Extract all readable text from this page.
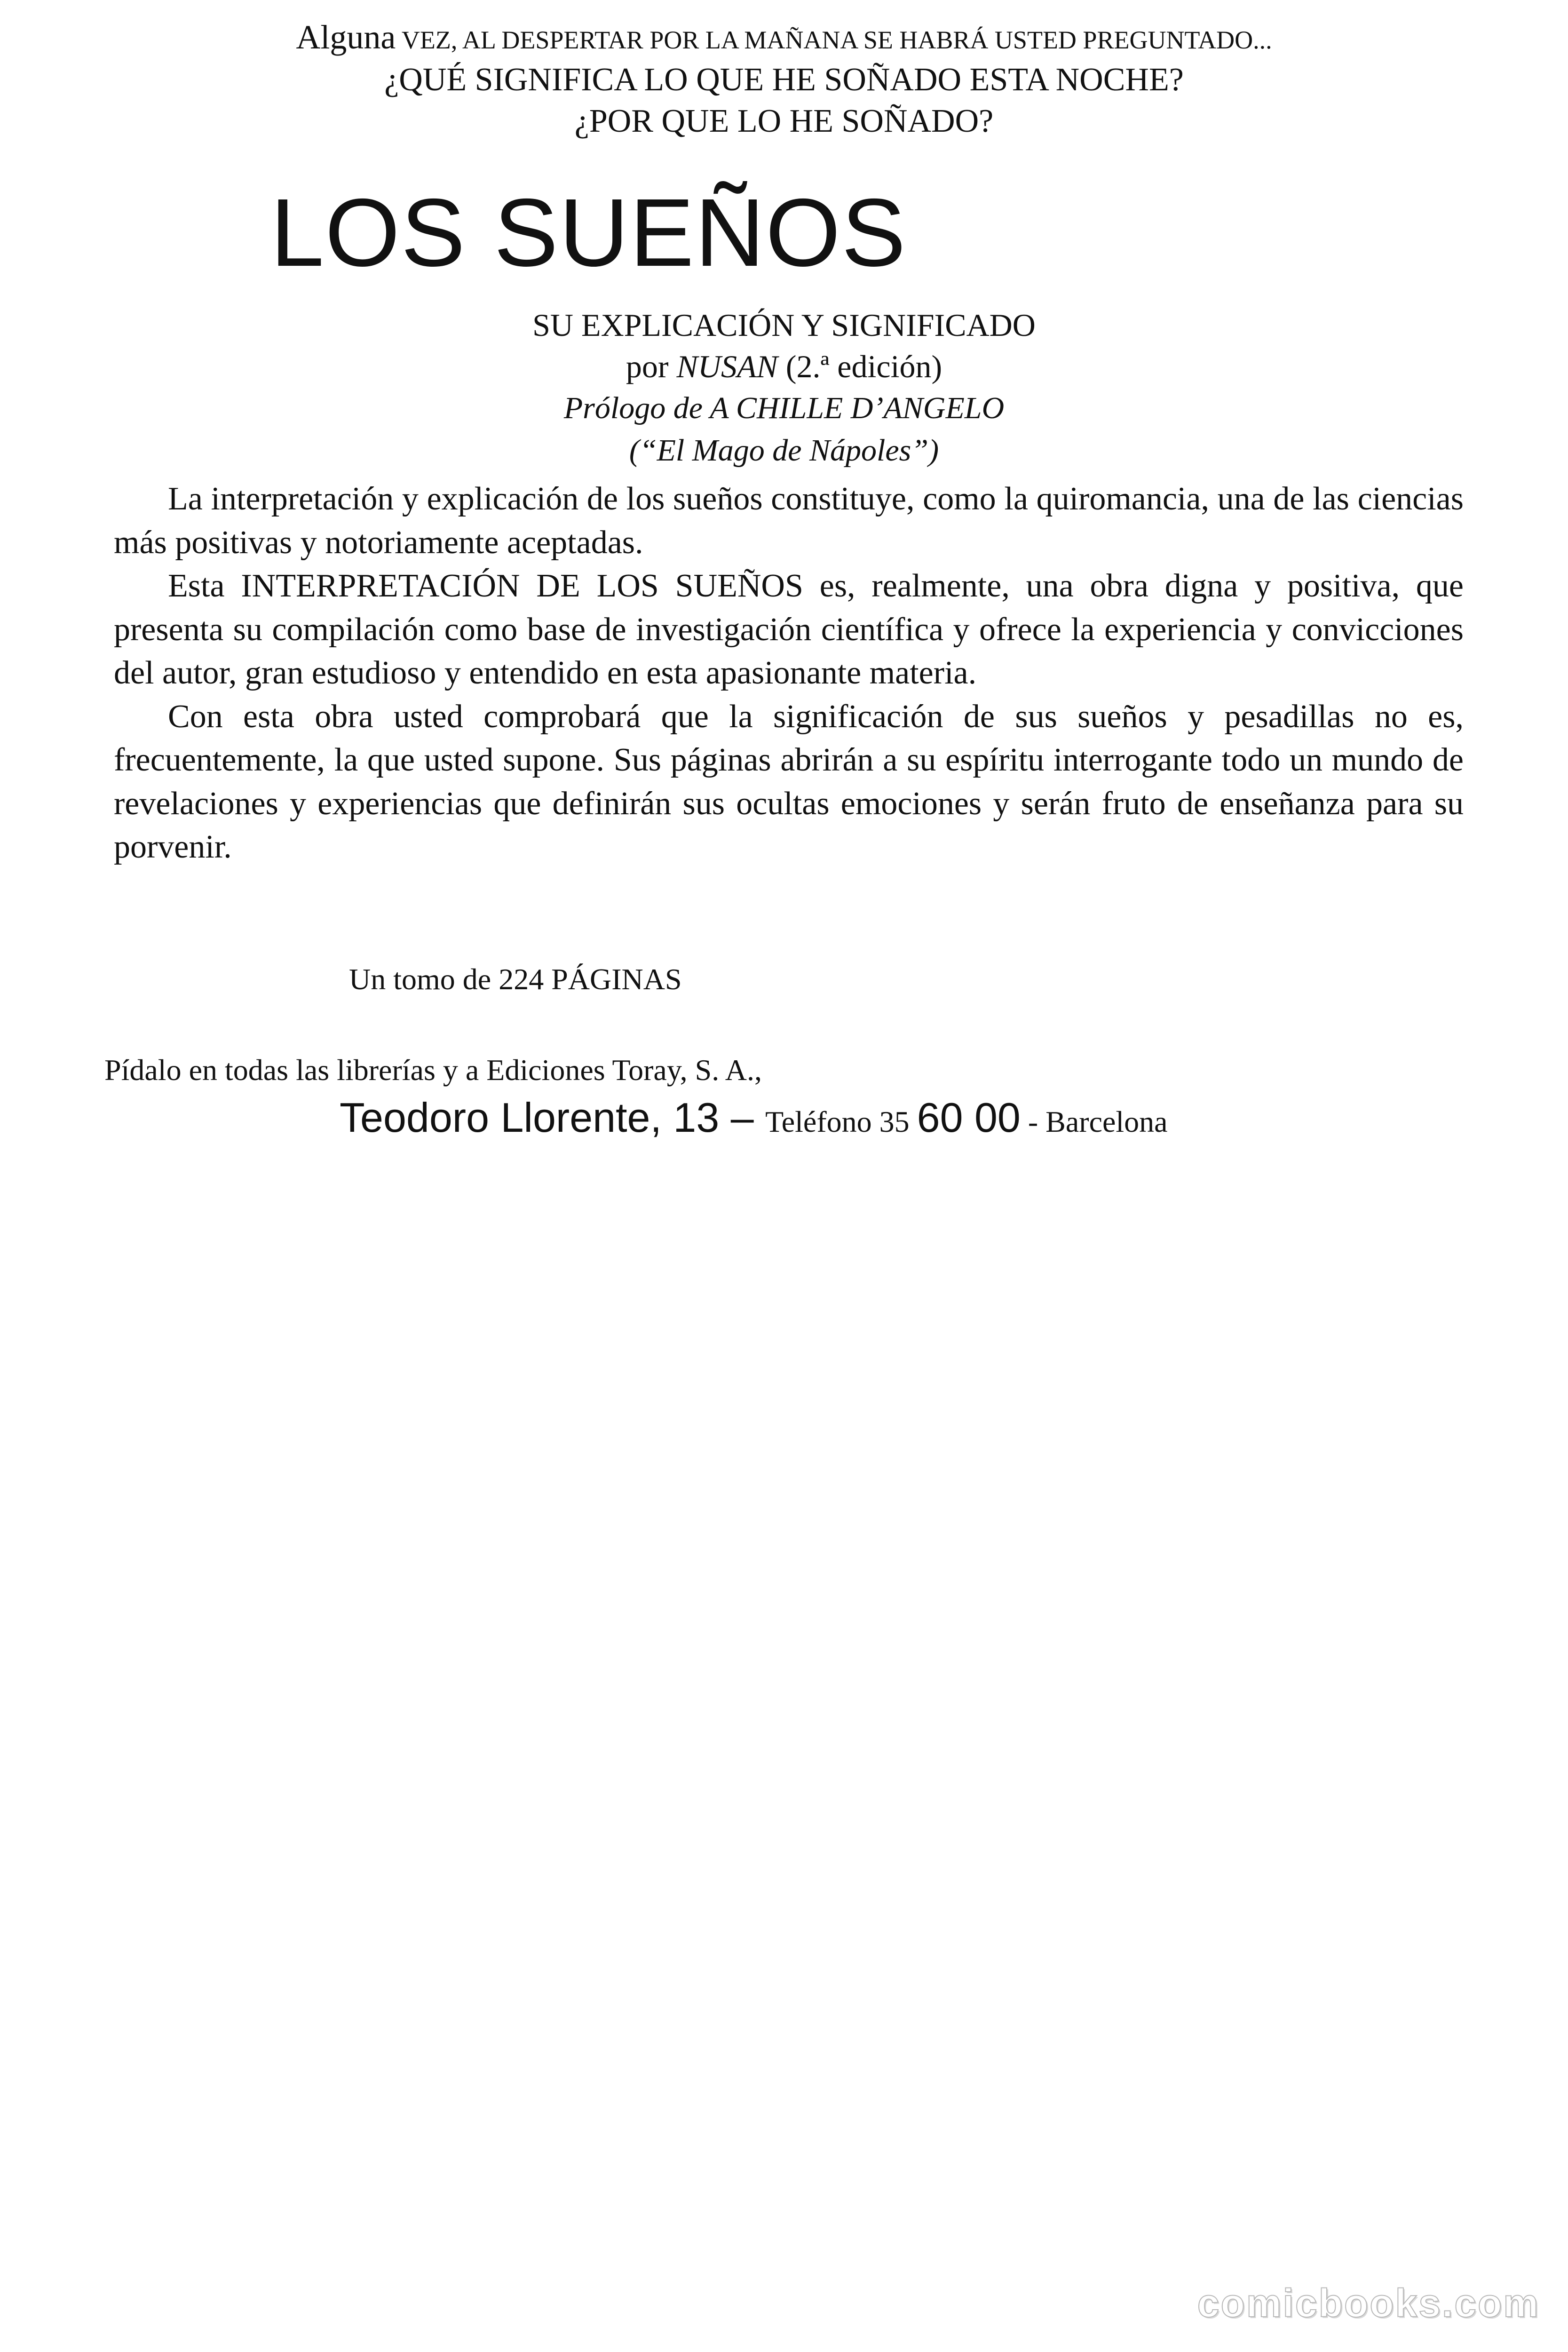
Alguna VEZ, AL DESPERTAR POR LA MAÑANA SE HABRÁ USTED PREGUNTADO...
¿QUÉ SIGNIFICA LO QUE HE SOÑADO ESTA NOCHE?
¿POR QUE LO HE SOÑADO?
LOS SUEÑOS
SU EXPLICACIÓN Y SIGNIFICADO
por NUSAN (2.ª edición)
Prólogo de A CHILLE D’ANGELO
(“El Mago de Nápoles”)

La interpretación y explicación de los sueños constituye, como la quiromancia, una de las ciencias más positivas y notoriamente aceptadas.

Esta INTERPRETACIÓN DE LOS SUEÑOS es, realmente, una obra digna y positiva, que presenta su compilación como base de investigación científica y ofrece la experiencia y convicciones del autor, gran estudioso y entendido en esta apasionante materia.

Con esta obra usted comprobará que la significación de sus sueños y pesadillas no es, frecuentemente, la que usted supone. Sus páginas abrirán a su espíritu interrogante todo un mundo de revelaciones y experiencias que definirán sus ocultas emociones y serán fruto de enseñanza para su porvenir.

Un tomo de 224 PÁGINAS
Pídalo en todas las librerías y a Ediciones Toray, S. A.,
Teodoro Llorente, 13 – Teléfono 35 60 00 - Barcelona
comicbooks.com
